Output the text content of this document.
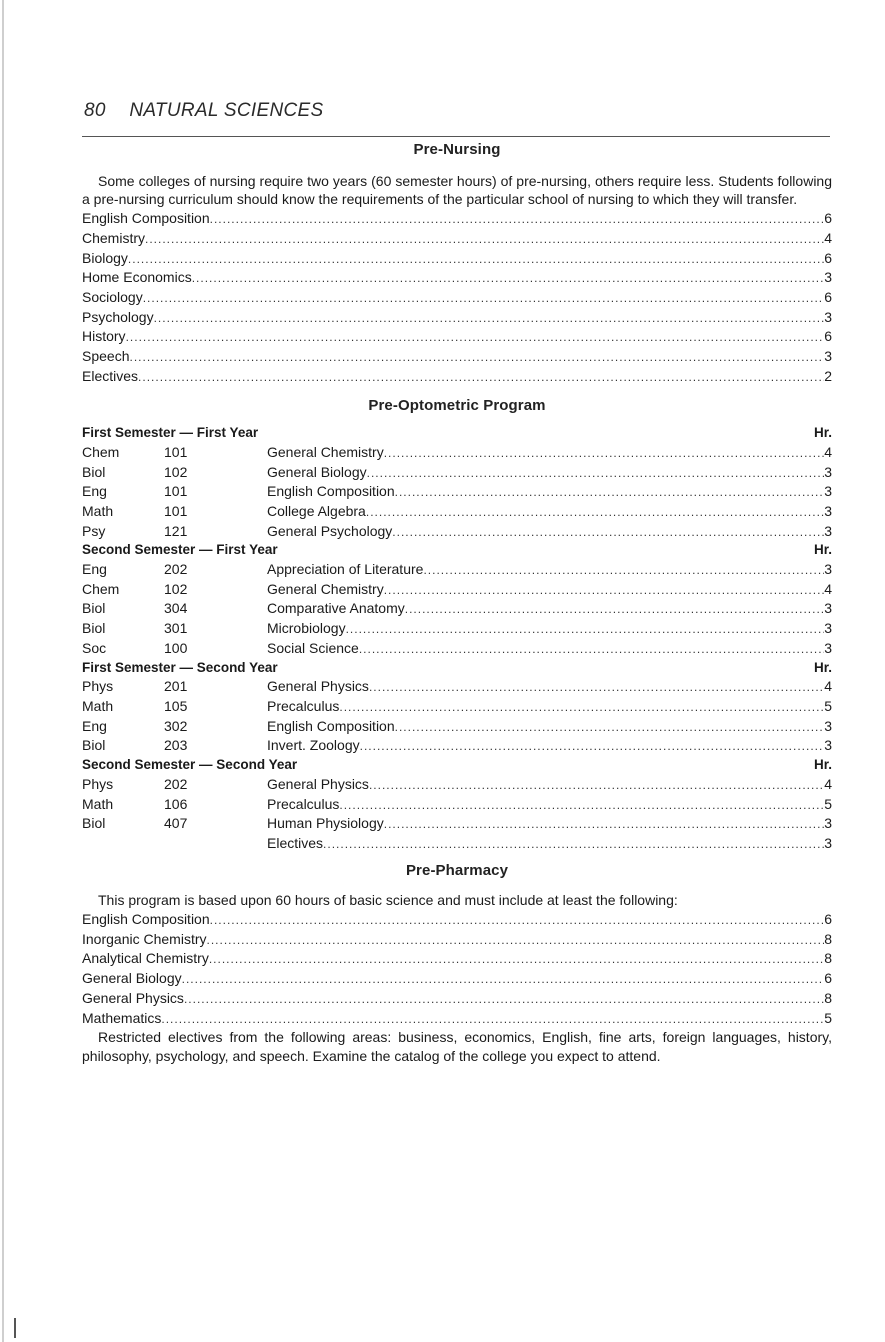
80 NATURAL SCIENCES
Pre-Nursing

Some colleges of nursing require two years (60 semester hours) of pre-nursing, others require less. Students following a pre-nursing curriculum should know the requirements of the particular school of nursing to which they will transfer.

English Composition .....	6
Chemistry .....	4
Biology .....	6
Home Economics .....	3
Sociology .....	6
Psychology .....	3
History .....	6
Speech .....	3
Electives .....	2
Pre-Optometric Program
First Semester — First Year	Hr.
Chem	101	General Chemistry .....	4
Biol	102	General Biology .....	3
Eng	101	English Composition .....	3
Math	101	College Algebra .....	3
Psy	121	General Psychology .....	3
Second Semester — First Year	Hr.
Eng	202	Appreciation of Literature .....	3
Chem	102	General Chemistry .....	4
Biol	304	Comparative Anatomy .....	3
Biol	301	Microbiology .....	3
Soc	100	Social Science .....	3
First Semester — Second Year	Hr.
Phys	201	General Physics .....	4
Math	105	Precalculus .....	5
Eng	302	English Composition .....	3
Biol	203	Invert. Zoology .....	3
Second Semester — Second Year	Hr.
Phys	202	General Physics .....	4
Math	106	Precalculus .....	5
Biol	407	Human Physiology .....	3
Electives .....	3
Pre-Pharmacy

This program is based upon 60 hours of basic science and must include at least the following:

English Composition .....	6
Inorganic Chemistry .....	8
Analytical Chemistry .....	8
General Biology .....	6
General Physics .....	8
Mathematics .....	5

Restricted electives from the following areas: business, economics, English, fine arts, foreign languages, history, philosophy, psychology, and speech. Examine the catalog of the college you expect to attend.
